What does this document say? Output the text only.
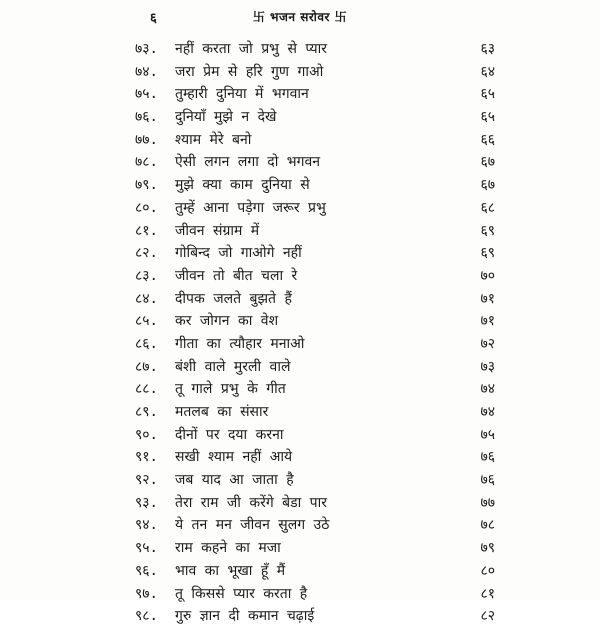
६	卐 भजन सरोवर 卐
७३.	नहीं करता जो प्रभु से प्यार	६३
७४.	जरा प्रेम से हरि गुण गाओ	६४
७५.	तुम्हारी दुनिया में भगवान	६५
७६.	दुनियाँ मुझे न देखे	६५
७७.	श्याम मेरे बनो	६६
७८.	ऐसी लगन लगा दो भगवन	६७
७९.	मुझे क्या काम दुनिया से	६७
८०.	तुम्हें आना पड़ेगा जरूर प्रभु	६८
८१.	जीवन संग्राम में	६९
८२.	गोबिन्द जो गाओगे नहीं	६९
८३.	जीवन तो बीत चला रे	७०
८४.	दीपक जलते बुझते हैं	७१
८५.	कर जोगन का वेश	७१
८६.	गीता का त्यौहार मनाओ	७२
८७.	बंशी वाले मुरली वाले	७३
८८.	तू गाले प्रभु के गीत	७४
८९.	मतलब का संसार	७४
९०.	दीनों पर दया करना	७५
९१.	सखी श्याम नहीं आये	७६
९२.	जब याद आ जाता है	७६
९३.	तेरा राम जी करेंगे बेडा पार	७७
९४.	ये तन मन जीवन सुलग उठे	७८
९५.	राम कहने का मजा	७९
९६.	भाव का भूखा हूँ मैं	८०
९७.	तू किससे प्यार करता है	८१
९८.	गुरु ज्ञान दी कमान चढ़ाई	८२
